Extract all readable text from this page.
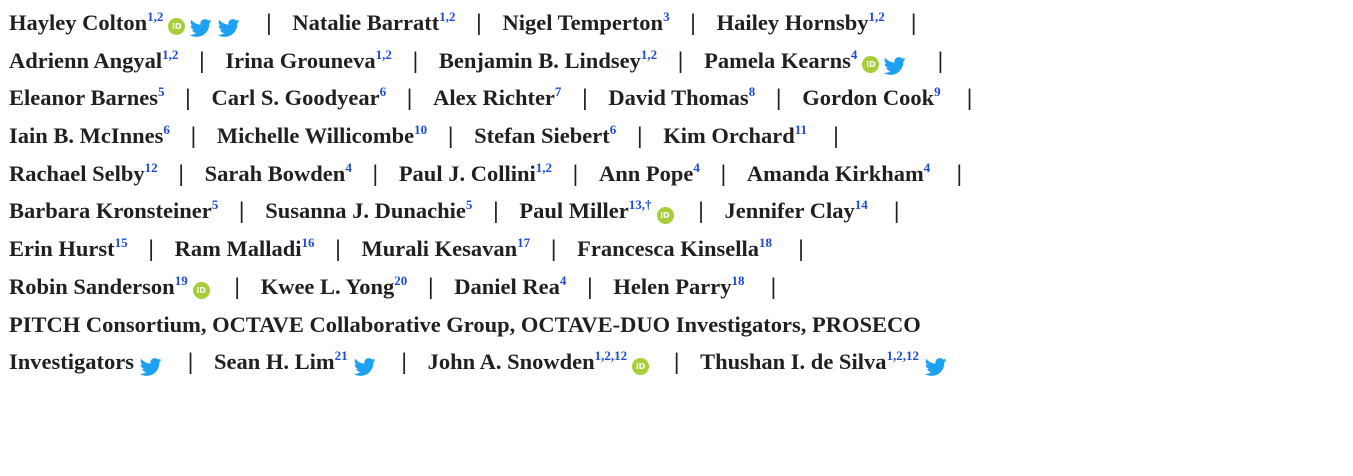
Hayley Colton$^{1,2}$iD	| Natalie Barratt$^{1,2}$ | Nigel Temperton$^3$ | Hailey Hornsby$^{1,2}$ |
Adrienn Angyal$^{1,2}$ | Irina Grouneva$^{1,2}$ | Benjamin B. Lindsey$^{1,2}$ | Pamela Kearns$^4$iD	|
Eleanor Barnes$^5$ | Carl S. Goodyear$^6$ | Alex Richter$^7$ | David Thomas$^8$ | Gordon Cook$^9$ |
Iain B. McInnes$^6$ | Michelle Willicombe$^{10}$ | Stefan Siebert$^6$ | Kim Orchard$^{11}$ |
Rachael Selby$^{12}$ | Sarah Bowden$^4$ | Paul J. Collini$^{1,2}$ | Ann Pope$^4$ | Amanda Kirkham$^4$ |
Barbara Kronsteiner$^5$ | Susanna J. Dunachie$^5$ | Paul Miller$^{13,\dagger}$iD | Jennifer Clay$^{14}$ |
Erin Hurst$^{15}$ | Ram Malladi$^{16}$ | Murali Kesavan$^{17}$ | Francesca Kinsella$^{18}$ |
Robin Sanderson$^{19}$iD | Kwee L. Yong$^{20}$ | Daniel Rea$^4$ | Helen Parry$^{18}$ |
PITCH Consortium, OCTAVE Collaborative Group, OCTAVE-DUO Investigators, PROSECO
Investigators	| Sean H. Lim$^{21}$	| John A. Snowden$^{1,2,12}$iD | Thushan I. de Silva$^{1,2,12}$
